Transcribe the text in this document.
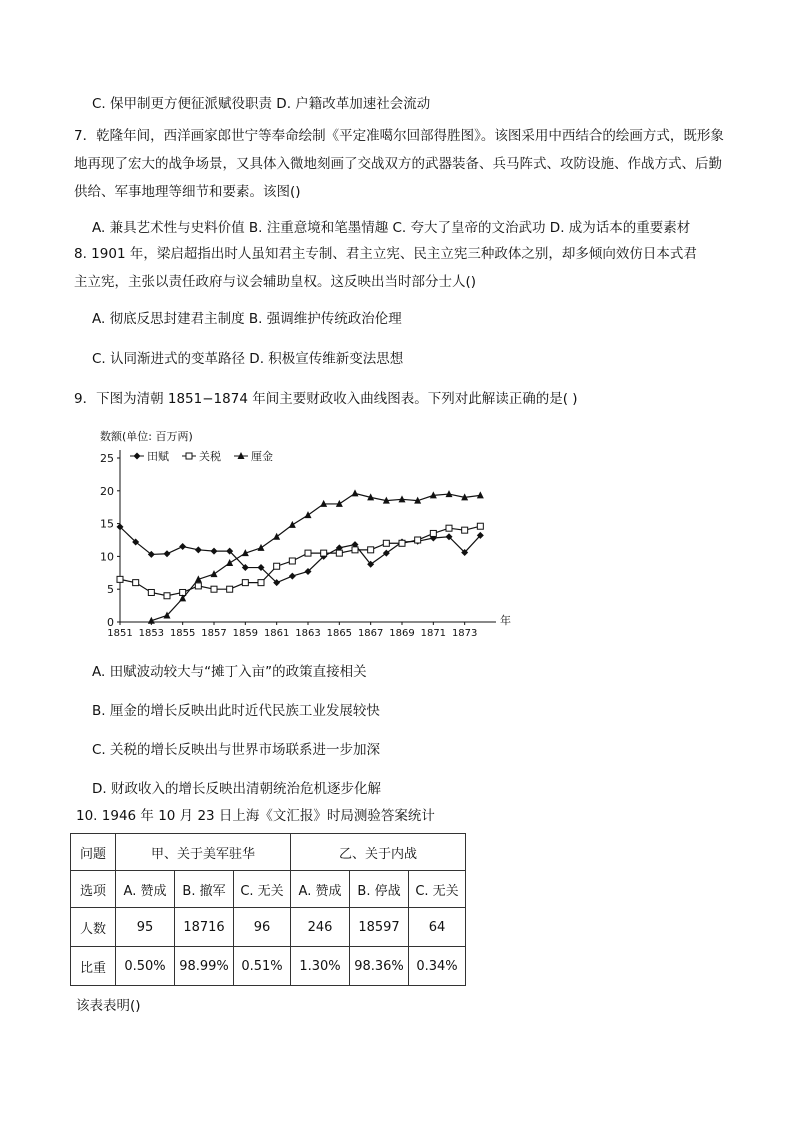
C. 保甲制更方便征派赋役职责 D. 户籍改革加速社会流动
7．乾隆年间，西洋画家郎世宁等奉命绘制《平定准噶尔回部得胜图》。该图采用中西结合的绘画方式，既形象地再现了宏大的战争场景，又具体入微地刻画了交战双方的武器装备、兵马阵式、攻防设施、作战方式、后勤供给、军事地理等细节和要素。该图()
A. 兼具艺术性与史料价值 B. 注重意境和笔墨情趣 C. 夸大了皇帝的文治武功 D. 成为话本的重要素材
8. 1901 年，梁启超指出时人虽知君主专制、君主立宪、民主立宪三种政体之别，却多倾向效仿日本式君
主立宪，主张以责任政府与议会辅助皇权。这反映出当时部分士人()
A. 彻底反思封建君主制度 B. 强调维护传统政治伦理
C. 认同渐进式的变革路径 D. 积极宣传维新变法思想
9．下图为清朝 1851−1874 年间主要财政收入曲线图表。下列对此解读正确的是( )
数额(单位: 百万两)
0
5
10
15
20
25
1851 1853 1855 1857 1859 1861 1863 1865 1867 1869 1871 1873
年
田赋	关税	厘金
A. 田赋波动较大与“摊丁入亩”的政策直接相关
B. 厘金的增长反映出此时近代民族工业发展较快
C. 关税的增长反映出与世界市场联系进一步加深
D. 财政收入的增长反映出清朝统治危机逐步化解
10. 1946 年 10 月 23 日上海《文汇报》时局测验答案统计
问题	甲、关于美军驻华			乙、关于内战		
选项	A. 赞成	B. 撤军	C. 无关	A. 赞成	B. 停战	C. 无关
人数	95	18716	96	246	18597	64
比重	0.50%	98.99%	0.51%	1.30%	98.36%	0.34%
该表表明()
